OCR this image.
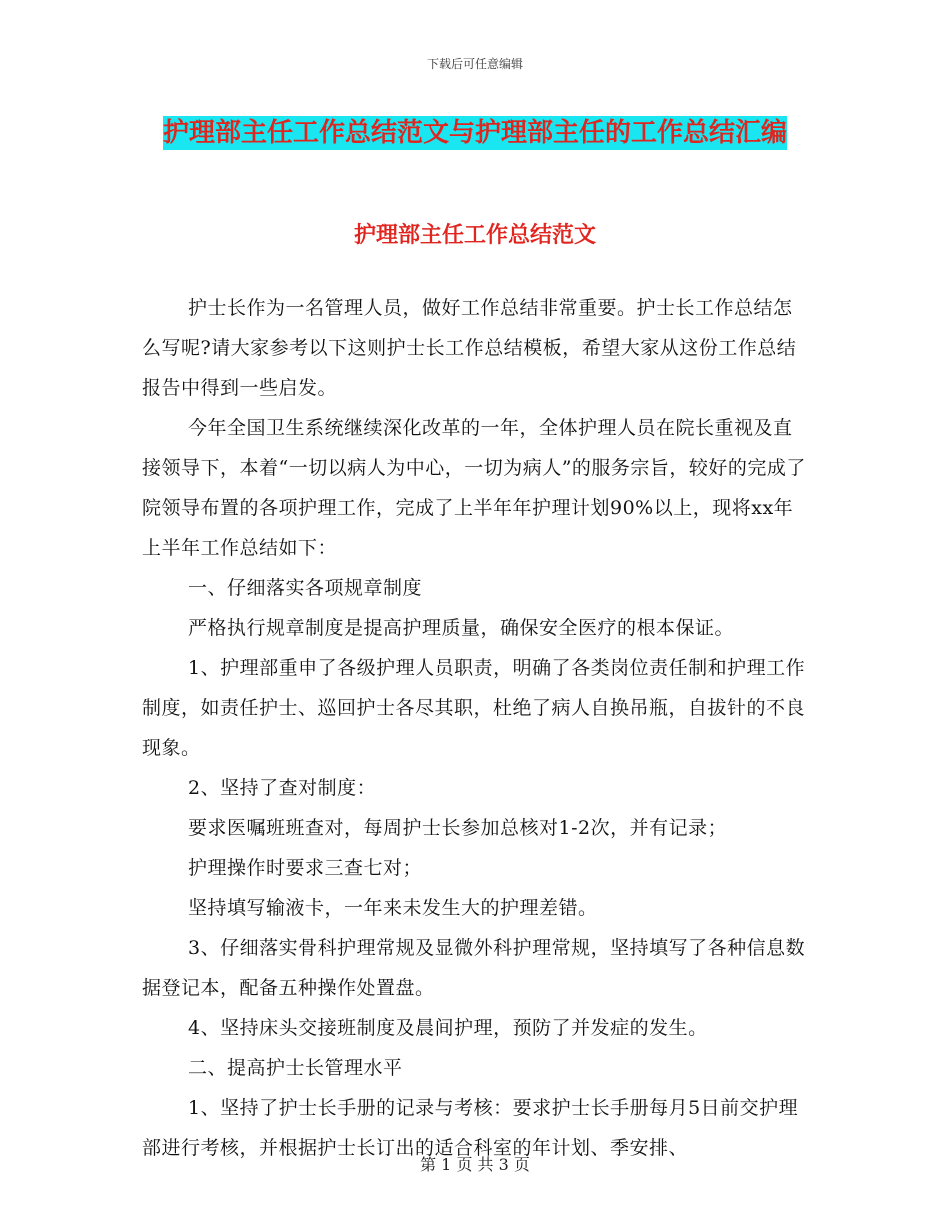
下载后可任意编辑
护理部主任工作总结范文与护理部主任的工作总结汇编
护理部主任工作总结范文

护士长作为一名管理人员，做好工作总结非常重要。护士长工作总结怎么写呢?请大家参考以下这则护士长工作总结模板，希望大家从这份工作总结报告中得到一些启发。

今年全国卫生系统继续深化改革的一年，全体护理人员在院长重视及直接领导下，本着“一切以病人为中心，一切为病人”的服务宗旨，较好的完成了院领导布置的各项护理工作，完成了上半年年护理计划90%以上，现将xx年上半年工作总结如下：

一、仔细落实各项规章制度

严格执行规章制度是提高护理质量，确保安全医疗的根本保证。

1、护理部重申了各级护理人员职责，明确了各类岗位责任制和护理工作制度，如责任护士、巡回护士各尽其职，杜绝了病人自换吊瓶，自拔针的不良现象。

2、坚持了查对制度：

要求医嘱班班查对，每周护士长参加总核对1-2次，并有记录；

护理操作时要求三查七对；

坚持填写输液卡，一年来未发生大的护理差错。

3、仔细落实骨科护理常规及显微外科护理常规，坚持填写了各种信息数据登记本，配备五种操作处置盘。

4、坚持床头交接班制度及晨间护理，预防了并发症的发生。

二、提高护士长管理水平

1、坚持了护士长手册的记录与考核：要求护士长手册每月5日前交护理部进行考核，并根据护士长订出的适合科室的年计划、季安排、

第 1 页 共 3 页
